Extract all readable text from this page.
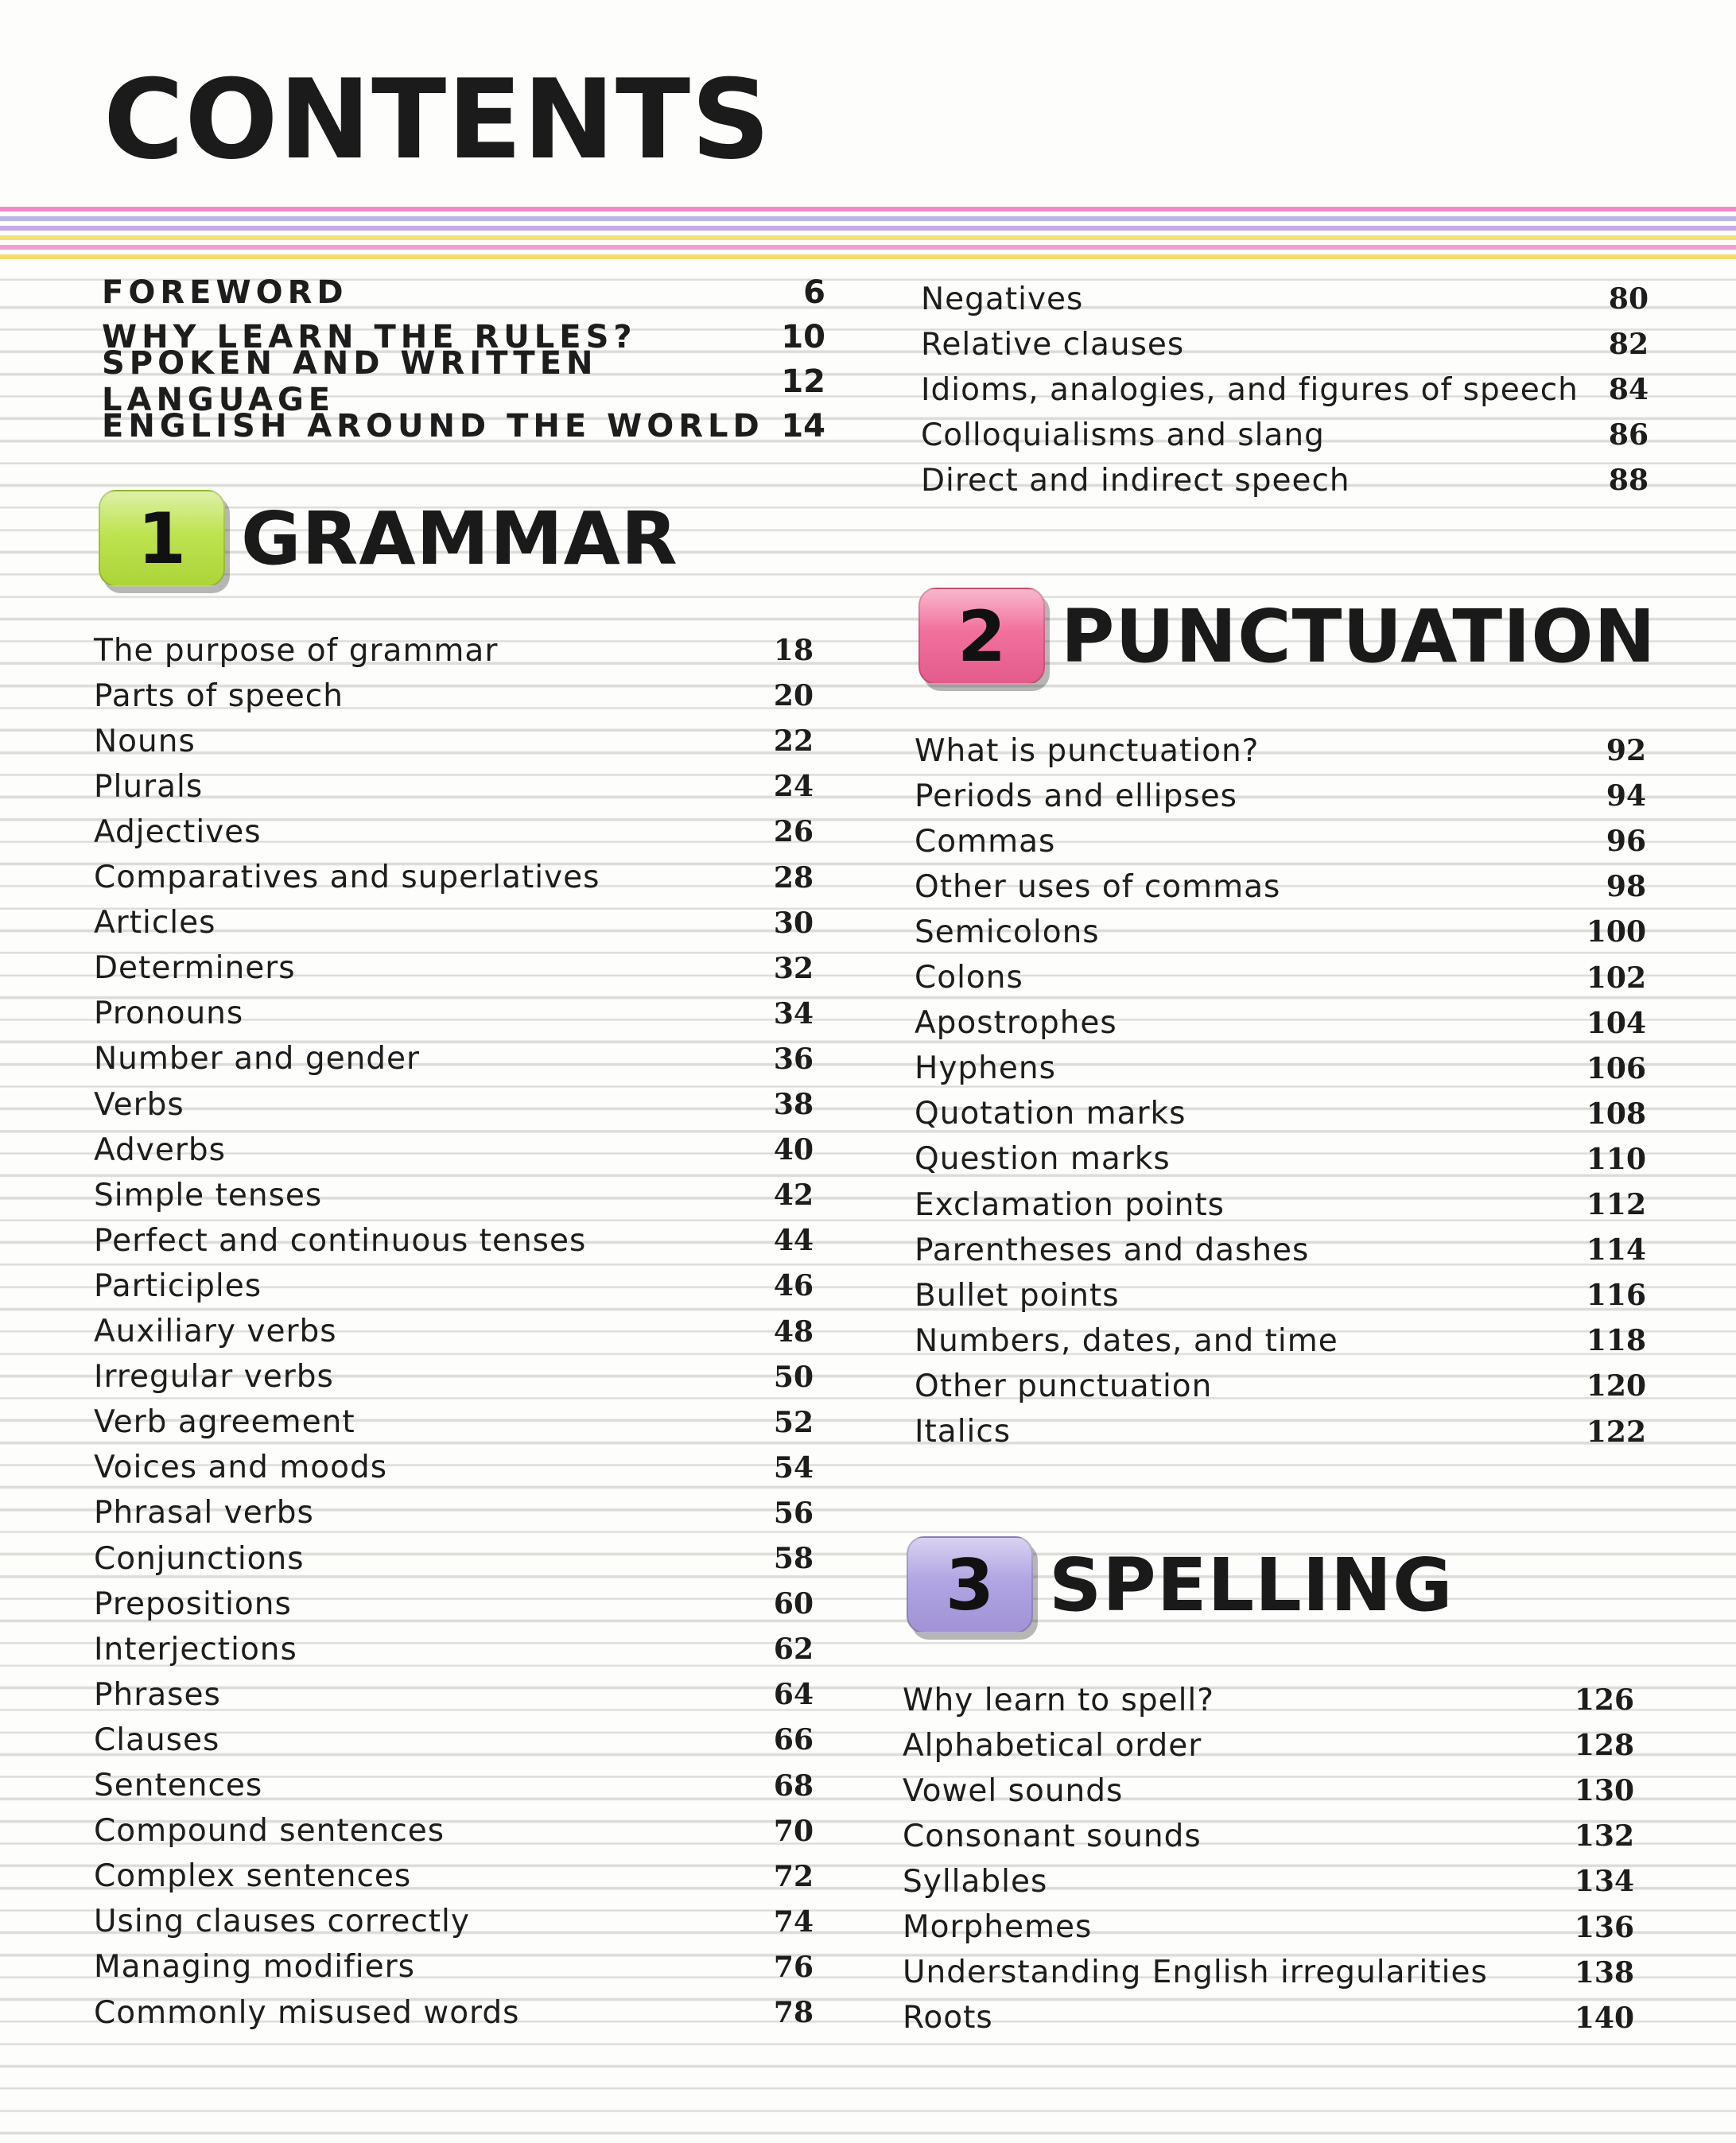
CONTENTS
FOREWORD	6
WHY LEARN THE RULES?	10
SPOKEN AND WRITTEN LANGUAGE	12
ENGLISH AROUND THE WORLD 14
1 GRAMMAR
2 PUNCTUATION
3 SPELLING
The purpose of grammar	18
Parts of speech	20
Nouns	22
Plurals	24
Adjectives	26
Comparatives and superlatives	28
Articles	30
Determiners	32
Pronouns	34
Number and gender	36
Verbs	38
Adverbs	40
Simple tenses	42
Perfect and continuous tenses	44
Participles	46
Auxiliary verbs	48
Irregular verbs	50
Verb agreement	52
Voices and moods	54
Phrasal verbs	56
Conjunctions	58
Prepositions	60
Interjections	62
Phrases	64
Clauses	66
Sentences	68
Compound sentences	70
Complex sentences	72
Using clauses correctly	74
Managing modifiers	76
Commonly misused words	78
Negatives	80
Relative clauses	82
Idioms, analogies, and figures of speech 84
Colloquialisms and slang	86
Direct and indirect speech	88
What is punctuation?	92
Periods and ellipses	94
Commas	96
Other uses of commas	98
Semicolons	100
Colons	102
Apostrophes	104
Hyphens	106
Quotation marks	108
Question marks	110
Exclamation points	112
Parentheses and dashes	114
Bullet points	116
Numbers, dates, and time	118
Other punctuation	120
Italics	122
Why learn to spell?	126
Alphabetical order	128
Vowel sounds	130
Consonant sounds	132
Syllables	134
Morphemes	136
Understanding English irregularities	138
Roots	140
